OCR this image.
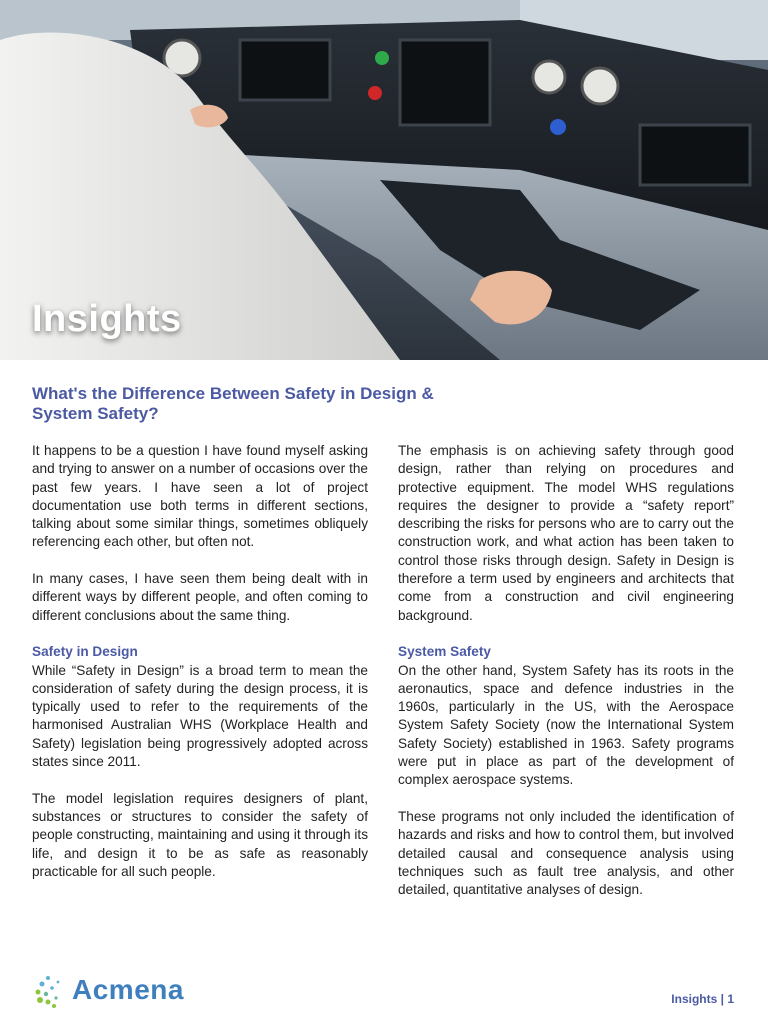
Insights
What's the Difference Between Safety in Design &
System Safety?

It happens to be a question I have found myself asking and trying to answer on a number of occasions over the past few years. I have seen a lot of project documentation use both terms in different sections, talking about some similar things, sometimes obliquely referencing each other, but often not.

In many cases, I have seen them being dealt with in different ways by different people, and often coming to different conclusions about the same thing.

Safety in Design

While “Safety in Design” is a broad term to mean the consideration of safety during the design process, it is typically used to refer to the requirements of the harmonised Australian WHS (Workplace Health and Safety) legislation being progressively adopted across states since 2011.

The model legislation requires designers of plant, substances or structures to consider the safety of people constructing, maintaining and using it through its life, and design it to be as safe as reasonably practicable for all such people.

The emphasis is on achieving safety through good design, rather than relying on procedures and protective equipment. The model WHS regulations requires the designer to provide a “safety report” describing the risks for persons who are to carry out the construction work, and what action has been taken to control those risks through design. Safety in Design is therefore a term used by engineers and architects that come from a construction and civil engineering background.

System Safety

On the other hand, System Safety has its roots in the aeronautics, space and defence industries in the 1960s, particularly in the US, with the Aerospace System Safety Society (now the International System Safety Society) established in 1963. Safety programs were put in place as part of the development of complex aerospace systems.

These programs not only included the identification of hazards and risks and how to control them, but involved detailed causal and consequence analysis using techniques such as fault tree analysis, and other detailed, quantitative analyses of design.

Acmena	Insights | 1
